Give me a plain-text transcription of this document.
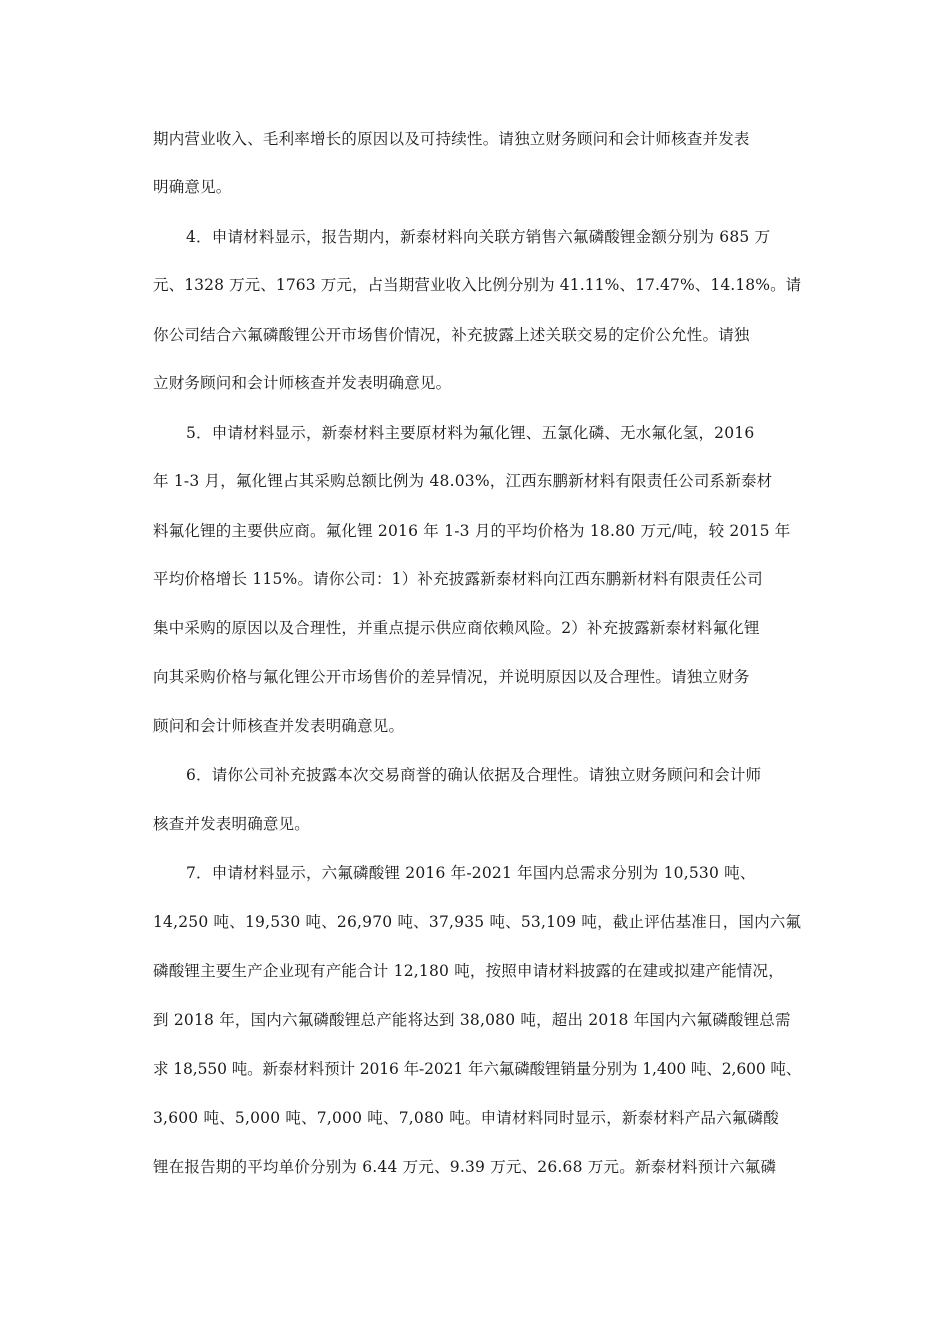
期内营业收入、毛利率增长的原因以及可持续性。请独立财务顾问和会计师核查并发表
明确意见。
4．申请材料显示，报告期内，新泰材料向关联方销售六氟磷酸锂金额分别为 685 万
元、1328 万元、1763 万元，占当期营业收入比例分别为 41.11%、17.47%、14.18%。请
你公司结合六氟磷酸锂公开市场售价情况，补充披露上述关联交易的定价公允性。请独
立财务顾问和会计师核查并发表明确意见。
5．申请材料显示，新泰材料主要原材料为氟化锂、五氯化磷、无水氟化氢，2016
年 1-3 月，氟化锂占其采购总额比例为 48.03%，江西东鹏新材料有限责任公司系新泰材
料氟化锂的主要供应商。氟化锂 2016 年 1-3 月的平均价格为 18.80 万元/吨，较 2015 年
平均价格增长 115%。请你公司：1）补充披露新泰材料向江西东鹏新材料有限责任公司
集中采购的原因以及合理性，并重点提示供应商依赖风险。2）补充披露新泰材料氟化锂
向其采购价格与氟化锂公开市场售价的差异情况，并说明原因以及合理性。请独立财务
顾问和会计师核查并发表明确意见。
6．请你公司补充披露本次交易商誉的确认依据及合理性。请独立财务顾问和会计师
核查并发表明确意见。
7．申请材料显示，六氟磷酸锂 2016 年-2021 年国内总需求分别为 10,530 吨、
14,250 吨、19,530 吨、26,970 吨、37,935 吨、53,109 吨，截止评估基准日，国内六氟
磷酸锂主要生产企业现有产能合计 12,180 吨，按照申请材料披露的在建或拟建产能情况，
到 2018 年，国内六氟磷酸锂总产能将达到 38,080 吨，超出 2018 年国内六氟磷酸锂总需
求 18,550 吨。新泰材料预计 2016 年-2021 年六氟磷酸锂销量分别为 1,400 吨、2,600 吨、
3,600 吨、5,000 吨、7,000 吨、7,080 吨。申请材料同时显示，新泰材料产品六氟磷酸
锂在报告期的平均单价分别为 6.44 万元、9.39 万元、26.68 万元。新泰材料预计六氟磷
